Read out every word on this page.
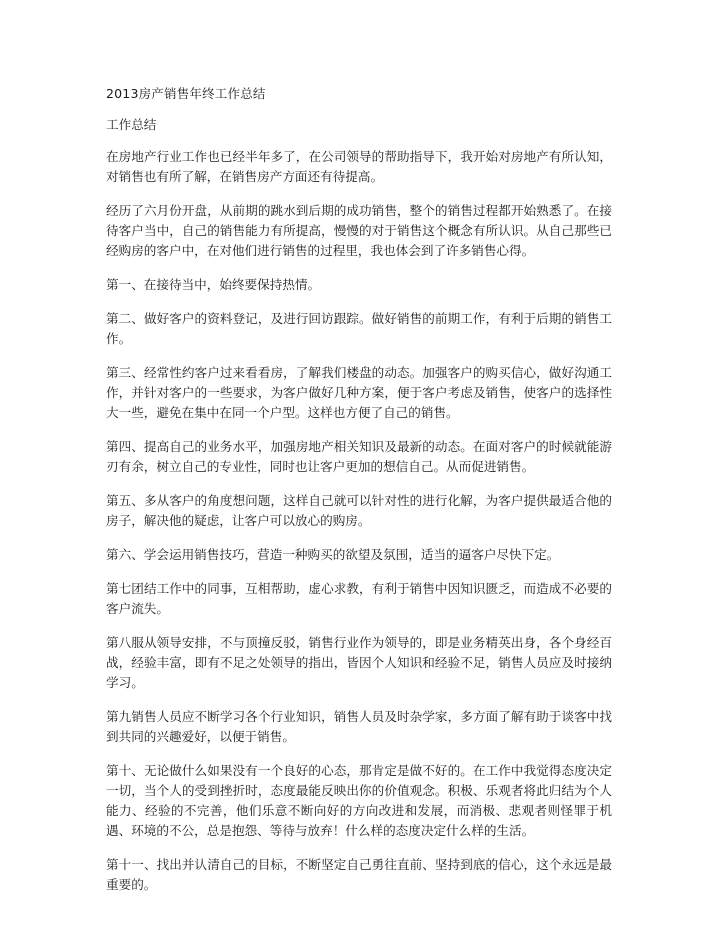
2013房产销售年终工作总结
工作总结
在房地产行业工作也已经半年多了，在公司领导的帮助指导下，我开始对房地产有所认知，对销售也有所了解，在销售房产方面还有待提高。
经历了六月份开盘，从前期的跳水到后期的成功销售，整个的销售过程都开始熟悉了。在接待客户当中，自己的销售能力有所提高，慢慢的对于销售这个概念有所认识。从自己那些已经购房的客户中，在对他们进行销售的过程里，我也体会到了许多销售心得。
第一、在接待当中，始终要保持热情。
第二、做好客户的资料登记，及进行回访跟踪。做好销售的前期工作，有利于后期的销售工作。
第三、经常性约客户过来看看房，了解我们楼盘的动态。加强客户的购买信心，做好沟通工作，并针对客户的一些要求，为客户做好几种方案，便于客户考虑及销售，使客户的选择性大一些，避免在集中在同一个户型。这样也方便了自己的销售。
第四、提高自己的业务水平，加强房地产相关知识及最新的动态。在面对客户的时候就能游刃有余，树立自己的专业性，同时也让客户更加的想信自己。从而促进销售。
第五、多从客户的角度想问题，这样自己就可以针对性的进行化解，为客户提供最适合他的房子，解决他的疑虑，让客户可以放心的购房。
第六、学会运用销售技巧，营造一种购买的欲望及氛围，适当的逼客户尽快下定。
第七团结工作中的同事，互相帮助，虚心求教，有利于销售中因知识匮乏，而造成不必要的客户流失。
第八服从领导安排，不与顶撞反驳，销售行业作为领导的，即是业务精英出身，各个身经百战，经验丰富，即有不足之处领导的指出，皆因个人知识和经验不足，销售人员应及时接纳学习。
第九销售人员应不断学习各个行业知识，销售人员及时杂学家，多方面了解有助于谈客中找到共同的兴趣爱好，以便于销售。
第十、无论做什么如果没有一个良好的心态，那肯定是做不好的。在工作中我觉得态度决定一切，当个人的受到挫折时，态度最能反映出你的价值观念。积极、乐观者将此归结为个人能力、经验的不完善，他们乐意不断向好的方向改进和发展，而消极、悲观者则怪罪于机遇、环境的不公，总是抱怨、等待与放弃！什么样的态度决定什么样的生活。
第十一、找出并认清自己的目标，不断坚定自己勇往直前、坚持到底的信心，这个永远是最重要的。
